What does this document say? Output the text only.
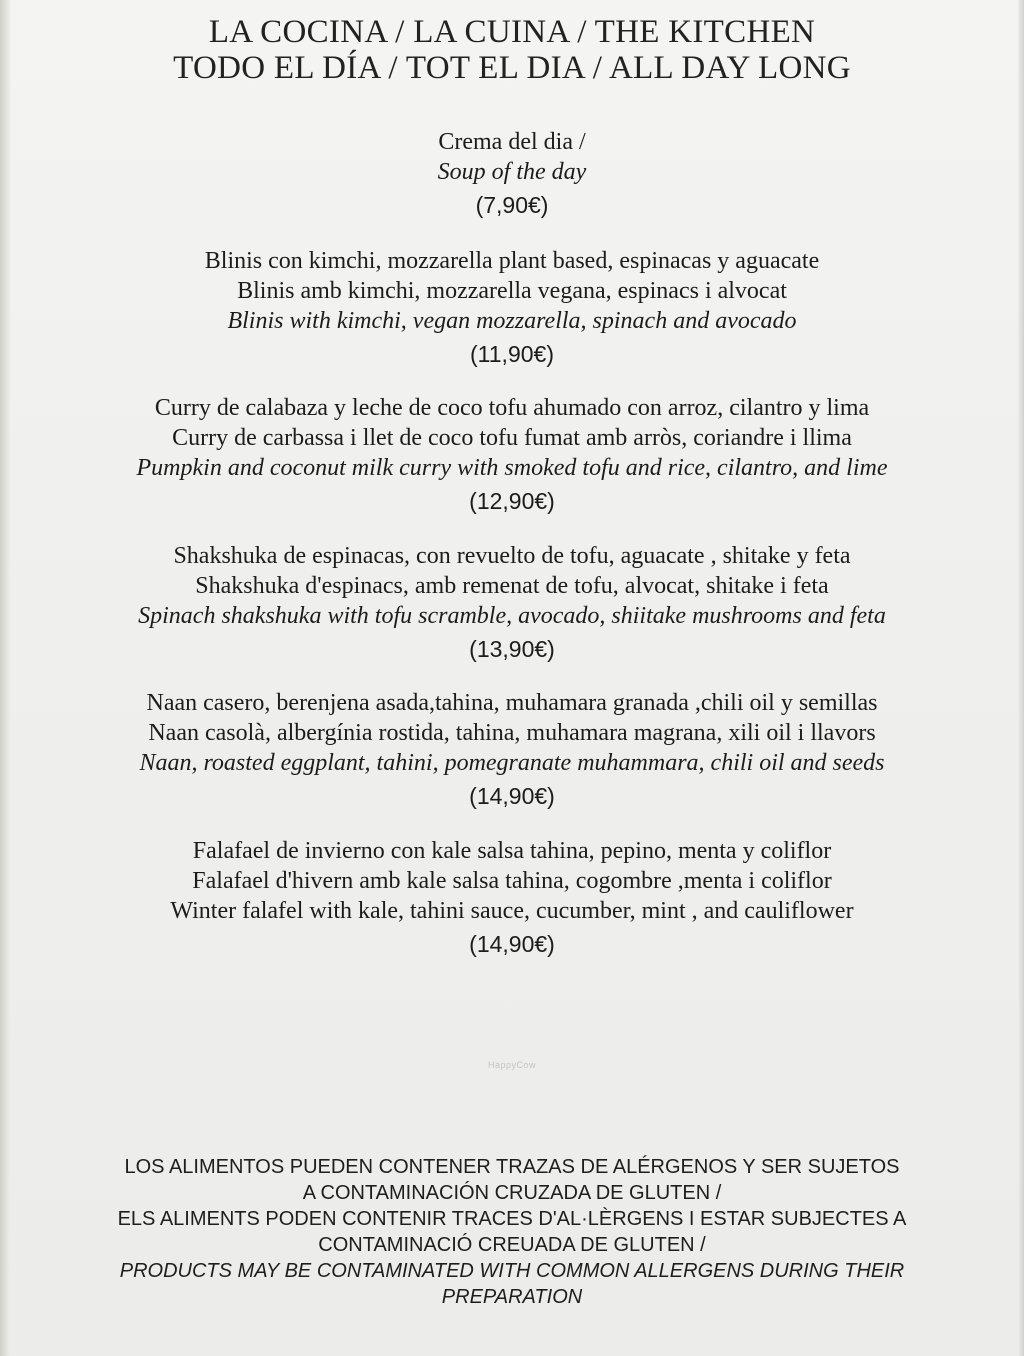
LA COCINA / LA CUINA / THE KITCHEN
TODO EL DÍA / TOT EL DIA / ALL DAY LONG
Crema del dia /
Soup of the day
(7,90€)
Blinis con kimchi, mozzarella plant based, espinacas y aguacate
Blinis amb kimchi, mozzarella vegana, espinacs i alvocat
Blinis with kimchi, vegan mozzarella, spinach and avocado
(11,90€)
Curry de calabaza y leche de coco tofu ahumado con arroz, cilantro y lima
Curry de carbassa i llet de coco tofu fumat amb arròs, coriandre i llima
Pumpkin and coconut milk curry with smoked tofu and rice, cilantro, and lime
(12,90€)
Shakshuka de espinacas, con revuelto de tofu, aguacate , shitake y feta
Shakshuka d'espinacs, amb remenat de tofu, alvocat, shitake i feta
Spinach shakshuka with tofu scramble, avocado, shiitake mushrooms and feta
(13,90€)
Naan casero, berenjena asada,tahina, muhamara granada ,chili oil y semillas
Naan casolà, albergínia rostida, tahina, muhamara magrana, xili oil i llavors
Naan, roasted eggplant, tahini, pomegranate muhammara, chili oil and seeds
(14,90€)
Falafael de invierno con kale salsa tahina, pepino, menta y coliflor
Falafael d'hivern amb kale salsa tahina, cogombre ,menta i coliflor
Winter falafel with kale, tahini sauce, cucumber, mint , and cauliflower
(14,90€)
HappyCow
LOS ALIMENTOS PUEDEN CONTENER TRAZAS DE ALÉRGENOS Y SER SUJETOS
A CONTAMINACIÓN CRUZADA DE GLUTEN /
ELS ALIMENTS PODEN CONTENIR TRACES D'AL·LÈRGENS I ESTAR SUBJECTES A
CONTAMINACIÓ CREUADA DE GLUTEN /
PRODUCTS MAY BE CONTAMINATED WITH COMMON ALLERGENS DURING THEIR
PREPARATION
